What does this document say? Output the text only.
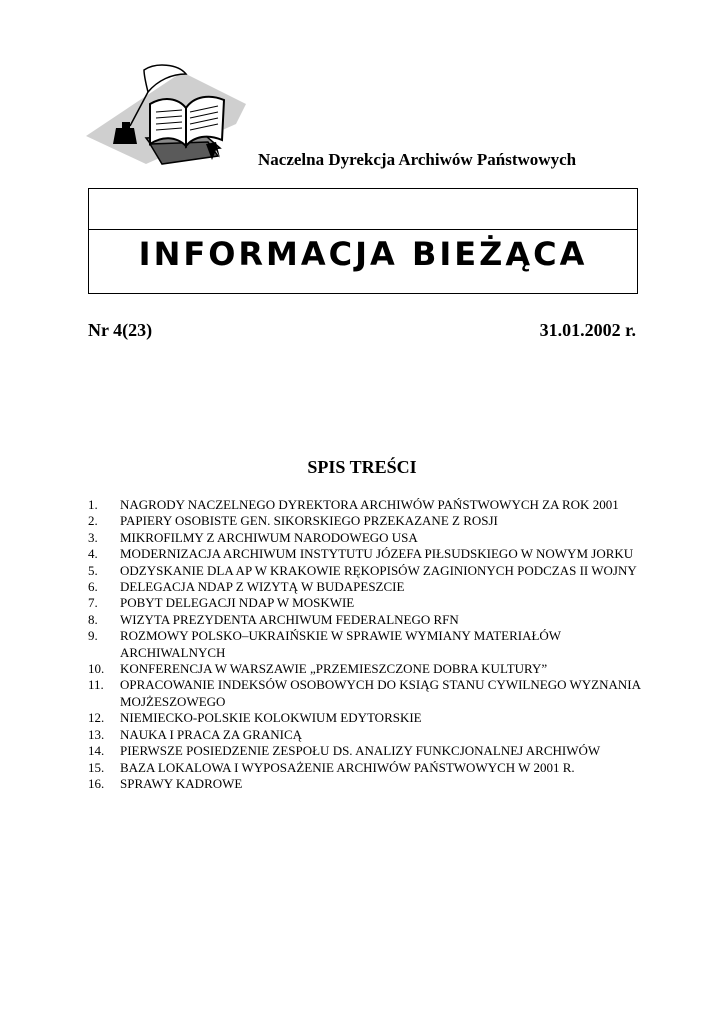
Naczelna Dyrekcja Archiwów Państwowych
INFORMACJA BIEŻĄCA
Nr 4(23)	31.01.2002 r.
SPIS TREŚCI
1. NAGRODY NACZELNEGO DYREKTORA ARCHIWÓW PAŃSTWOWYCH ZA ROK 2001
2. PAPIERY OSOBISTE GEN. SIKORSKIEGO PRZEKAZANE Z ROSJI
3. MIKROFILMY Z ARCHIWUM NARODOWEGO USA
4. MODERNIZACJA ARCHIWUM INSTYTUTU JÓZEFA PIŁSUDSKIEGO W NOWYM JORKU
5. ODZYSKANIE DLA AP W KRAKOWIE RĘKOPISÓW ZAGINIONYCH PODCZAS II WOJNY
6. DELEGACJA NDAP Z WIZYTĄ W BUDAPESZCIE
7. POBYT DELEGACJI NDAP W MOSKWIE
8. WIZYTA PREZYDENTA ARCHIWUM FEDERALNEGO RFN
9. ROZMOWY POLSKO–UKRAIŃSKIE W SPRAWIE WYMIANY MATERIAŁÓW ARCHIWALNYCH
10. KONFERENCJA W WARSZAWIE „PRZEMIESZCZONE DOBRA KULTURY”
11. OPRACOWANIE INDEKSÓW OSOBOWYCH DO KSIĄG STANU CYWILNEGO WYZNANIA MOJŻESZOWEGO
12. NIEMIECKO-POLSKIE KOLOKWIUM EDYTORSKIE
13. NAUKA I PRACA ZA GRANICĄ
14. PIERWSZE POSIEDZENIE ZESPOŁU DS. ANALIZY FUNKCJONALNEJ ARCHIWÓW
15. BAZA LOKALOWA I WYPOSAŻENIE ARCHIWÓW PAŃSTWOWYCH W 2001 R.
16. SPRAWY KADROWE
